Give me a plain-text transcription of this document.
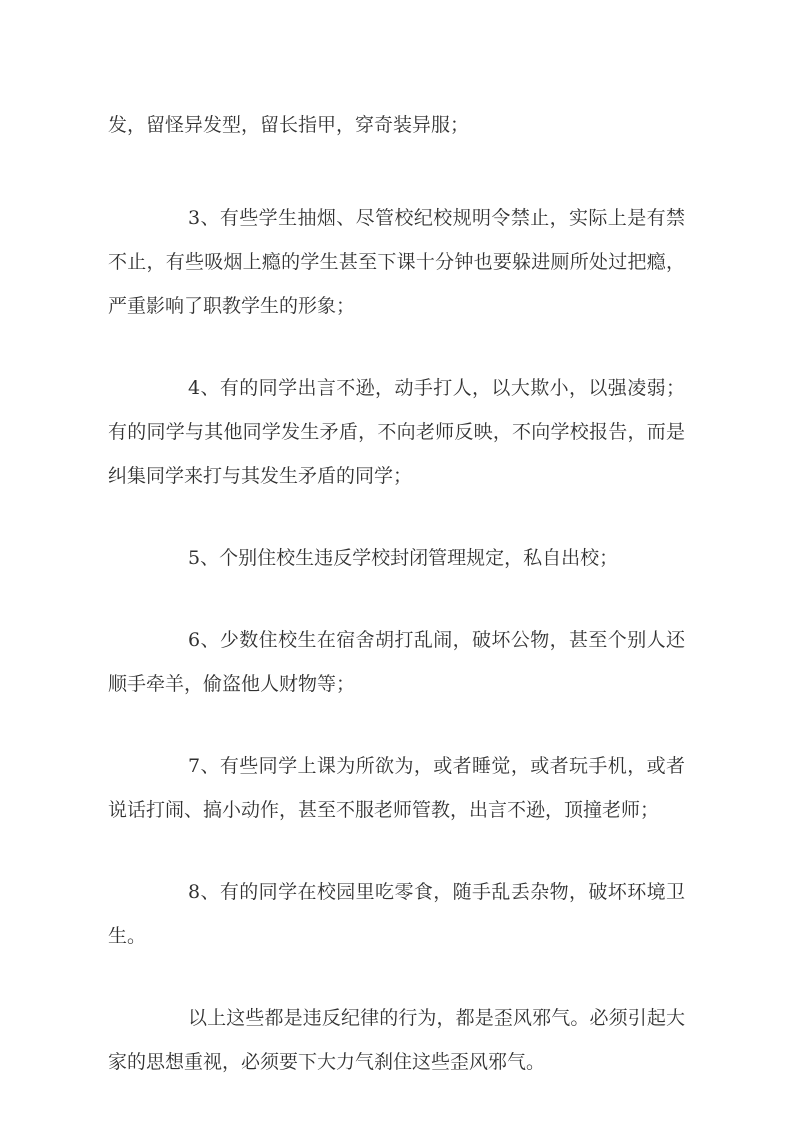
发，留怪异发型，留长指甲，穿奇装异服；

3、有些学生抽烟、尽管校纪校规明令禁止，实际上是有禁不止，有些吸烟上瘾的学生甚至下课十分钟也要躲进厕所处过把瘾，严重影响了职教学生的形象；

4、有的同学出言不逊，动手打人，以大欺小，以强凌弱；有的同学与其他同学发生矛盾，不向老师反映，不向学校报告，而是纠集同学来打与其发生矛盾的同学；

5、个别住校生违反学校封闭管理规定，私自出校；

6、少数住校生在宿舍胡打乱闹，破坏公物，甚至个别人还顺手牵羊，偷盗他人财物等；

7、有些同学上课为所欲为，或者睡觉，或者玩手机，或者说话打闹、搞小动作，甚至不服老师管教，出言不逊，顶撞老师；

8、有的同学在校园里吃零食，随手乱丢杂物，破坏环境卫生。

以上这些都是违反纪律的行为，都是歪风邪气。必须引起大家的思想重视，必须要下大力气刹住这些歪风邪气。
